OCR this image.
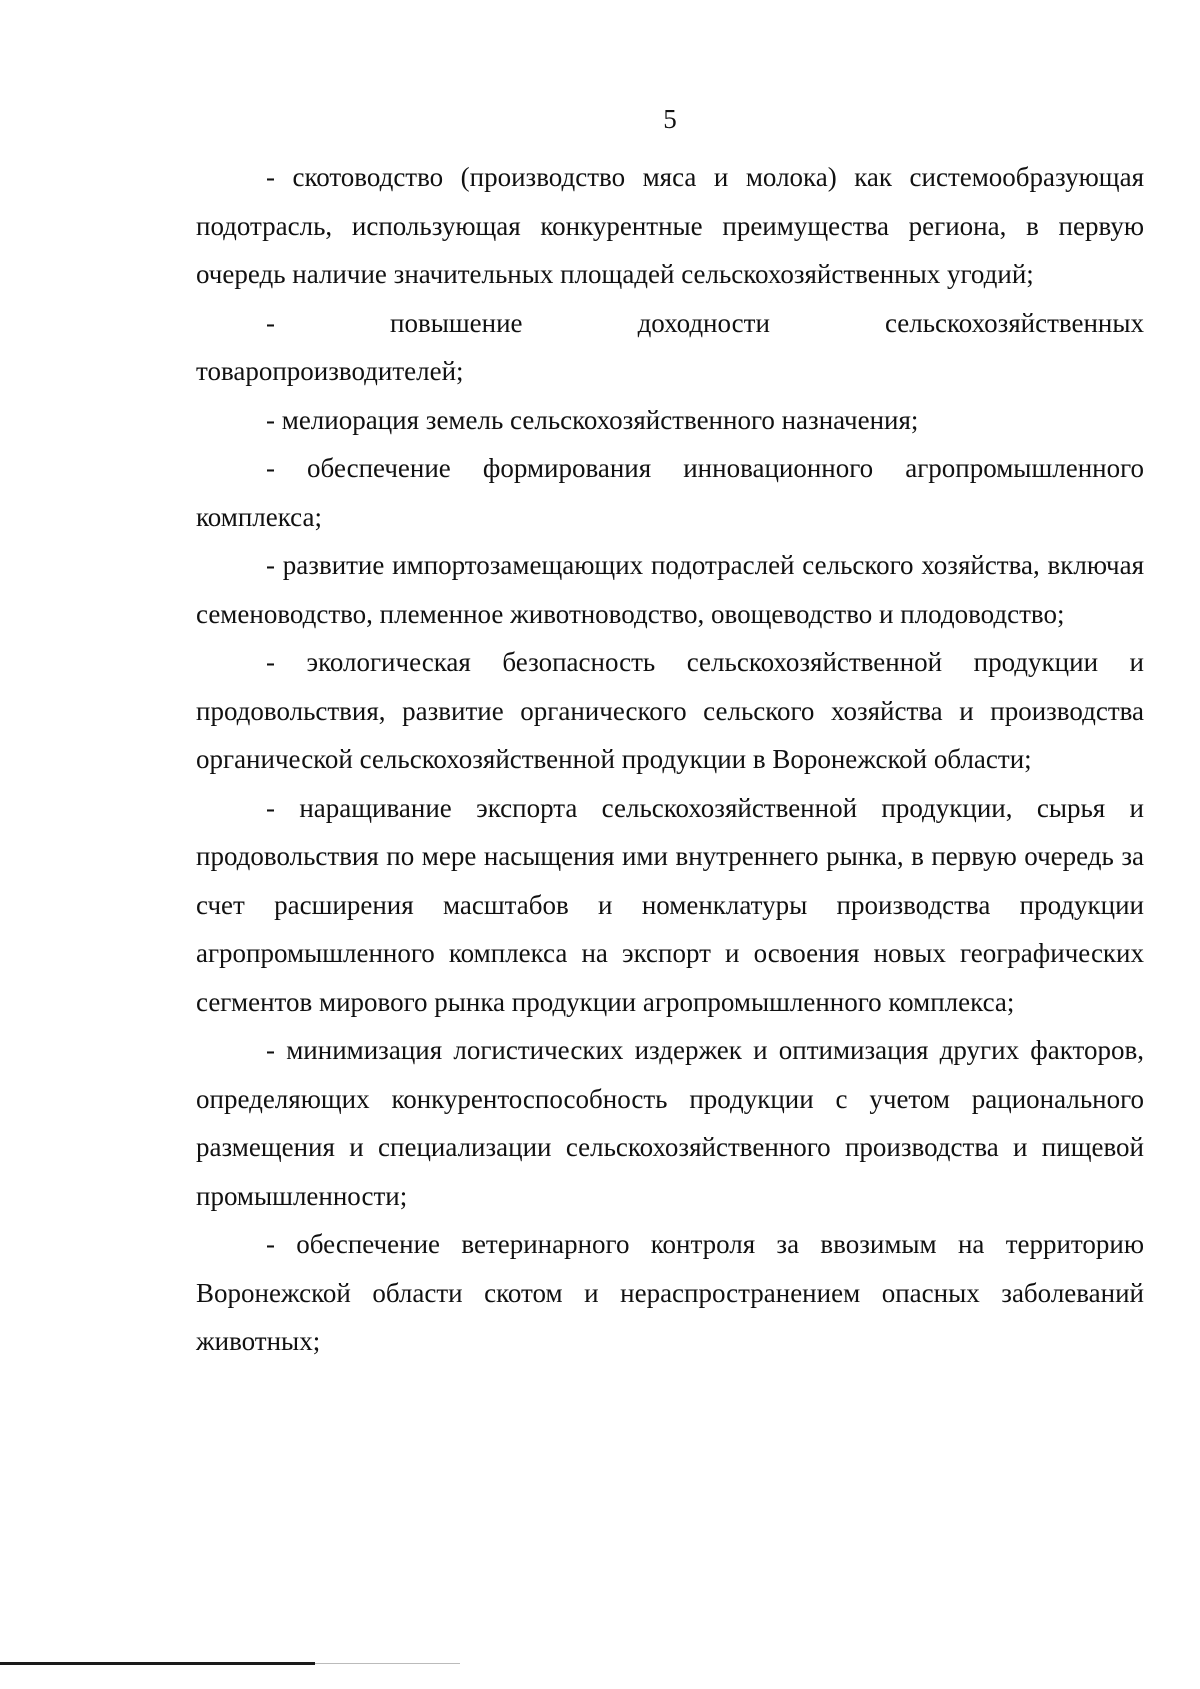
5

- скотоводство (производство мяса и молока) как системообразующая подотрасль, использующая конкурентные преимущества региона, в первую очередь наличие значительных площадей сельскохозяйственных угодий;

-	повышение	доходности	сельскохозяйственных

товаропроизводителей;

- мелиорация земель сельскохозяйственного назначения;

- обеспечение формирования инновационного агропромышленного комплекса;

- развитие импортозамещающих подотраслей сельского хозяйства, включая семеноводство, племенное животноводство, овощеводство и плодоводство;

- экологическая безопасность сельскохозяйственной продукции и продовольствия, развитие органического сельского хозяйства и производства органической сельскохозяйственной продукции в Воронежской области;

- наращивание экспорта сельскохозяйственной продукции, сырья и продовольствия по мере насыщения ими внутреннего рынка, в первую очередь за счет расширения масштабов и номенклатуры производства продукции агропромышленного комплекса на экспорт и освоения новых географических сегментов мирового рынка продукции агропромышленного комплекса;

- минимизация логистических издержек и оптимизация других факторов, определяющих конкурентоспособность продукции с учетом рационального размещения и специализации сельскохозяйственного производства и пищевой промышленности;

- обеспечение ветеринарного контроля за ввозимым на территорию Воронежской области скотом и нераспространением опасных заболеваний животных;
